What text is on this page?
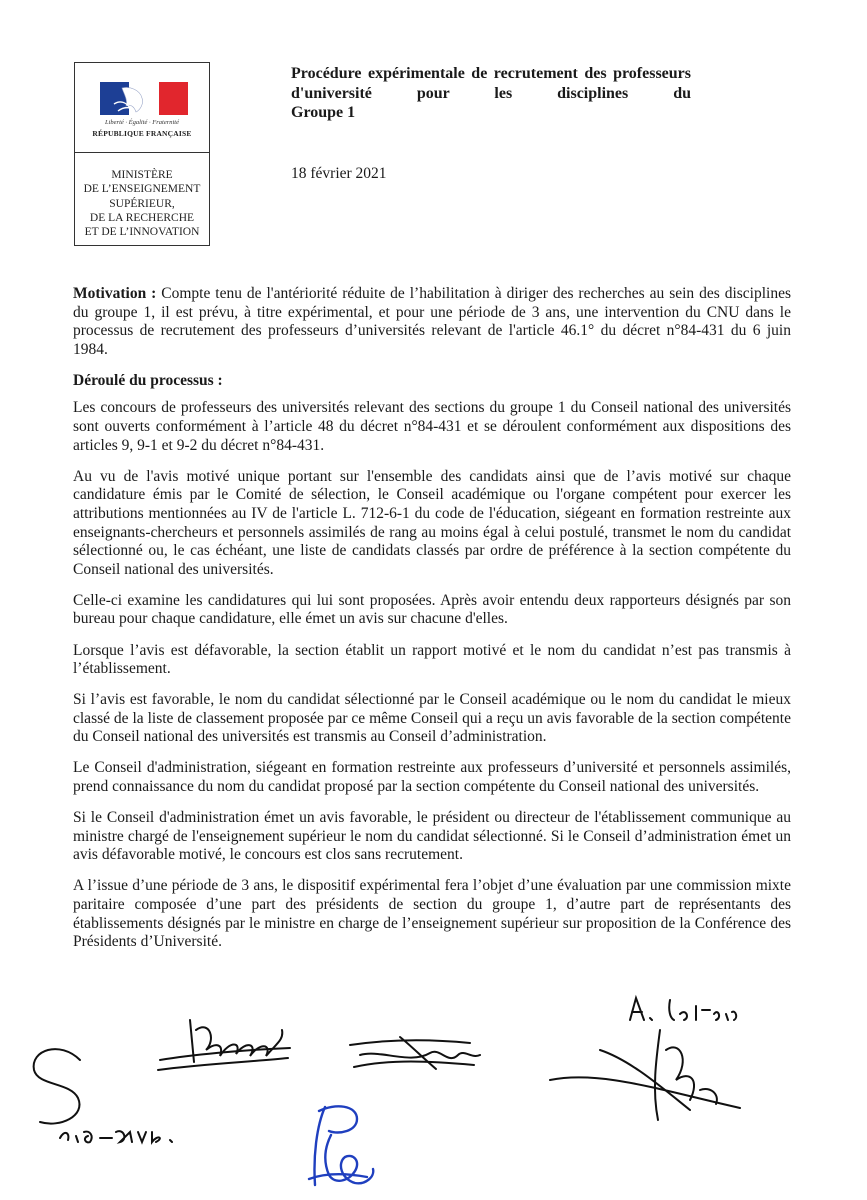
Liberté · Égalité · Fraternité
RÉPUBLIQUE FRANÇAISE
MINISTÈRE
DE L’ENSEIGNEMENT
SUPÉRIEUR,
DE LA RECHERCHE
ET DE L’INNOVATION
Procédure expérimentale de recrutement des professeurs d'université pour les disciplines du
Groupe 1
18 février 2021

Motivation : Compte tenu de l'antériorité réduite de l’habilitation à diriger des recherches au sein des disciplines du groupe 1, il est prévu, à titre expérimental, et pour une période de 3 ans, une intervention du CNU dans le processus de recrutement des professeurs d’universités relevant de l'article 46.1° du décret n°84-431 du 6 juin 1984.

Déroulé du processus :

Les concours de professeurs des universités relevant des sections du groupe 1 du Conseil national des universités sont ouverts conformément à l’article 48 du décret n°84-431 et se déroulent conformément aux dispositions des articles 9, 9-1 et 9-2 du décret n°84-431.

Au vu de l'avis motivé unique portant sur l'ensemble des candidats ainsi que de l’avis motivé sur chaque candidature émis par le Comité de sélection, le Conseil académique ou l'organe compétent pour exercer les attributions mentionnées au IV de l'article L. 712-6-1 du code de l'éducation, siégeant en formation restreinte aux enseignants-chercheurs et personnels assimilés de rang au moins égal à celui postulé, transmet le nom du candidat sélectionné ou, le cas échéant, une liste de candidats classés par ordre de préférence à la section compétente du Conseil national des universités.

Celle-ci examine les candidatures qui lui sont proposées. Après avoir entendu deux rapporteurs désignés par son bureau pour chaque candidature, elle émet un avis sur chacune d'elles.

Lorsque l’avis est défavorable, la section établit un rapport motivé et le nom du candidat n’est pas transmis à l’établissement.

Si l’avis est favorable, le nom du candidat sélectionné par le Conseil académique ou le nom du candidat le mieux classé de la liste de classement proposée par ce même Conseil qui a reçu un avis favorable de la section compétente du Conseil national des universités est transmis au Conseil d’administration.

Le Conseil d'administration, siégeant en formation restreinte aux professeurs d’université et personnels assimilés, prend connaissance du nom du candidat proposé par la section compétente du Conseil national des universités.

Si le Conseil d'administration émet un avis favorable, le président ou directeur de l'établissement communique au ministre chargé de l'enseignement supérieur le nom du candidat sélectionné. Si le Conseil d’administration émet un avis défavorable motivé, le concours est clos sans recrutement.

A l’issue d’une période de 3 ans, le dispositif expérimental fera l’objet d’une évaluation par une commission mixte paritaire composée d’une part des présidents de section du groupe 1, d’autre part de représentants des établissements désignés par le ministre en charge de l’enseignement supérieur sur proposition de la Conférence des Présidents d’Université.
